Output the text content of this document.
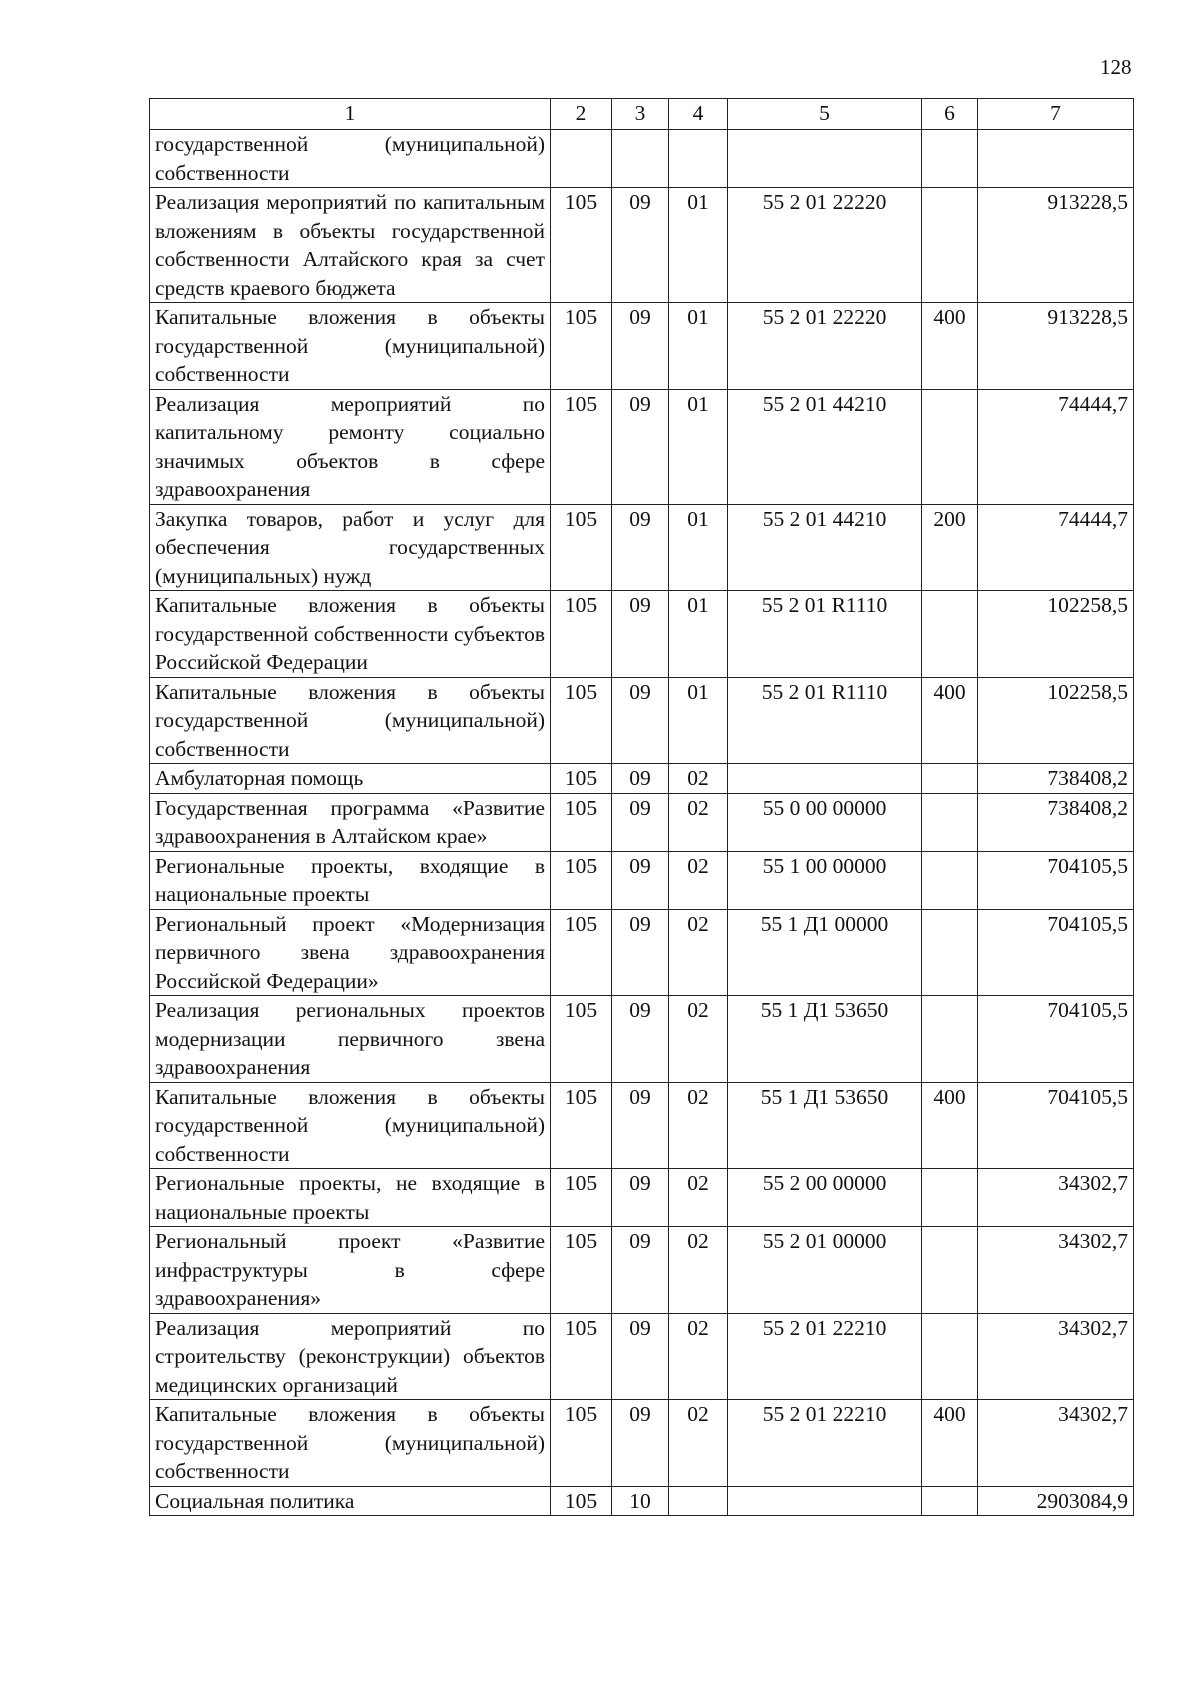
128
1	2	3	4	5	6	7
государственной (муниципальной) собственности						
Реализация мероприятий по капитальным вложениям в объекты государственной собственности Алтайского края за счет средств краевого бюджета	105	09	01	55 2 01 22220		913228,5
Капитальные вложения в объекты государственной (муниципальной) собственности	105	09	01	55 2 01 22220	400	913228,5
Реализация мероприятий по капитальному ремонту социально значимых объектов в сфере здравоохранения	105	09	01	55 2 01 44210		74444,7
Закупка товаров, работ и услуг для обеспечения государственных (муниципальных) нужд	105	09	01	55 2 01 44210	200	74444,7
Капитальные вложения в объекты государственной собственности субъектов Российской Федерации	105	09	01	55 2 01 R1110		102258,5
Капитальные вложения в объекты государственной (муниципальной) собственности	105	09	01	55 2 01 R1110	400	102258,5
Амбулаторная помощь	105	09	02			738408,2
Государственная программа «Развитие здравоохранения в Алтайском крае»	105	09	02	55 0 00 00000		738408,2
Региональные проекты, входящие в национальные проекты	105	09	02	55 1 00 00000		704105,5
Региональный проект «Модернизация первичного звена здравоохранения Российской Федерации»	105	09	02	55 1 Д1 00000		704105,5
Реализация региональных проектов модернизации первичного звена здравоохранения	105	09	02	55 1 Д1 53650		704105,5
Капитальные вложения в объекты государственной (муниципальной) собственности	105	09	02	55 1 Д1 53650	400	704105,5
Региональные проекты, не входящие в национальные проекты	105	09	02	55 2 00 00000		34302,7
Региональный проект «Развитие инфраструктуры в сфере здравоохранения»	105	09	02	55 2 01 00000		34302,7
Реализация мероприятий по строительству (реконструкции) объектов медицинских организаций	105	09	02	55 2 01 22210		34302,7
Капитальные вложения в объекты государственной (муниципальной) собственности	105	09	02	55 2 01 22210	400	34302,7
Социальная политика	105	10				2903084,9
